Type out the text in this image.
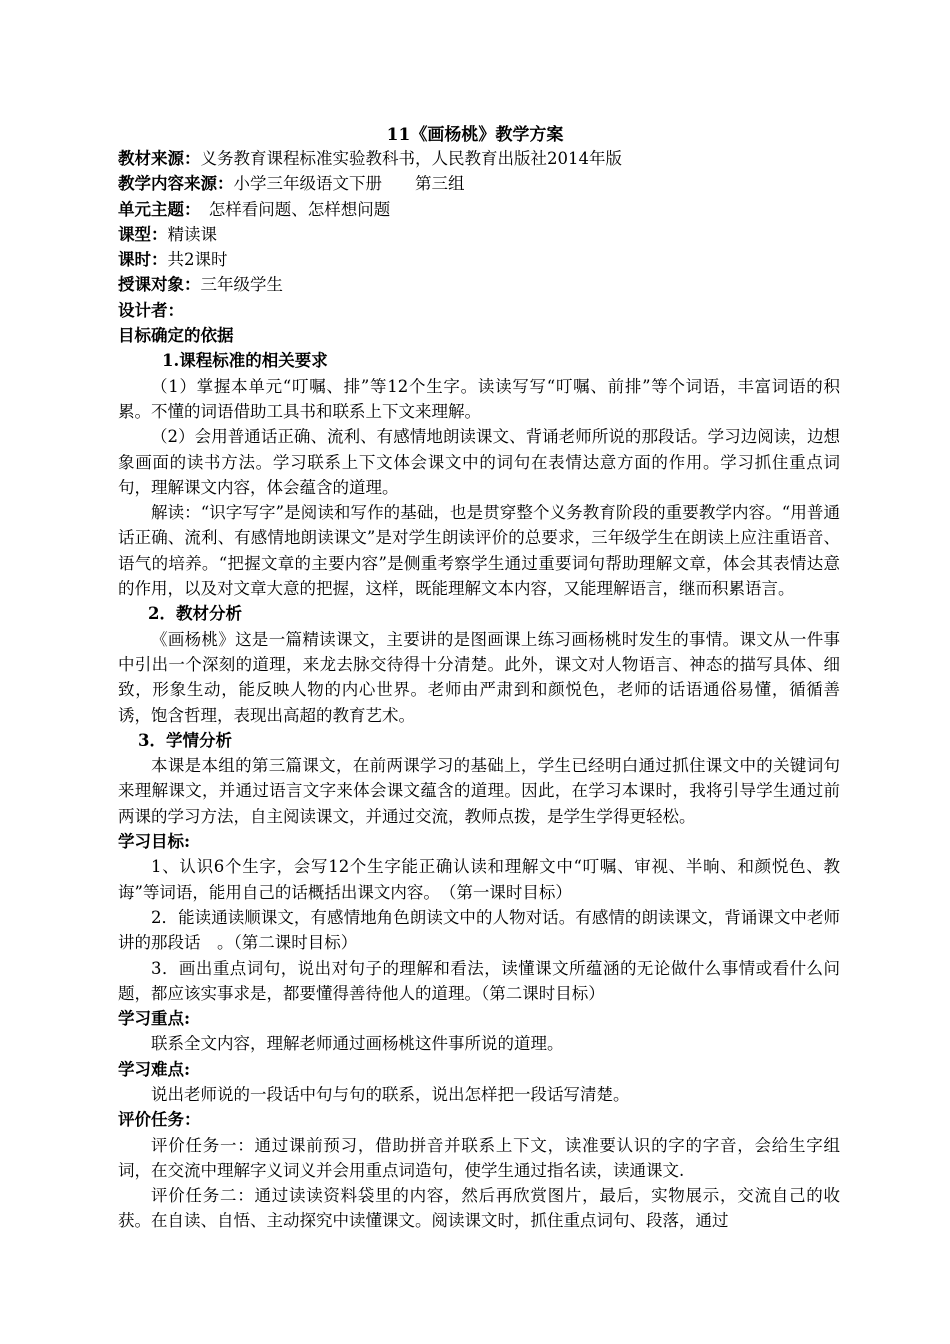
11《画杨桃》教学方案
教材来源：义务教育课程标准实验教科书，人民教育出版社2014年版
教学内容来源：小学三年级语文下册　　第三组
单元主题：　怎样看问题、怎样想问题
课型：精读课
课时：共2课时
授课对象：三年级学生
设计者：
目标确定的依据
1.课程标准的相关要求

（1）掌握本单元“叮嘱、排”等12个生字。读读写写“叮嘱、前排”等个词语，丰富词语的积累。不懂的词语借助工具书和联系上下文来理解。

（2）会用普通话正确、流利、有感情地朗读课文、背诵老师所说的那段话。学习边阅读，边想象画面的读书方法。学习联系上下文体会课文中的词句在表情达意方面的作用。学习抓住重点词句，理解课文内容，体会蕴含的道理。

解读：“识字写字”是阅读和写作的基础，也是贯穿整个义务教育阶段的重要教学内容。“用普通话正确、流利、有感情地朗读课文”是对学生朗读评价的总要求，三年级学生在朗读上应注重语音、语气的培养。“把握文章的主要内容”是侧重考察学生通过重要词句帮助理解文章，体会其表情达意的作用，以及对文章大意的把握，这样，既能理解文本内容，又能理解语言，继而积累语言。

2．教材分析

《画杨桃》这是一篇精读课文，主要讲的是图画课上练习画杨桃时发生的事情。课文从一件事中引出一个深刻的道理，来龙去脉交待得十分清楚。此外，课文对人物语言、神态的描写具体、细致，形象生动，能反映人物的内心世界。老师由严肃到和颜悦色，老师的话语通俗易懂，循循善诱，饱含哲理，表现出高超的教育艺术。

3．学情分析

本课是本组的第三篇课文，在前两课学习的基础上，学生已经明白通过抓住课文中的关键词句来理解课文，并通过语言文字来体会课文蕴含的道理。因此，在学习本课时，我将引导学生通过前两课的学习方法，自主阅读课文，并通过交流，教师点拨，是学生学得更轻松。

学习目标:

1、认识6个生字，会写12个生字能正确认读和理解文中“叮嘱、审视、半晌、和颜悦色、教诲”等词语，能用自己的话概括出课文内容。　（第一课时目标）

2．能读通读顺课文，有感情地角色朗读文中的人物对话。有感情的朗读课文，背诵课文中老师讲的那段话　。（第二课时目标）

3．画出重点词句，说出对句子的理解和看法，读懂课文所蕴涵的无论做什么事情或看什么问题，都应该实事求是，都要懂得善待他人的道理。（第二课时目标）

学习重点:

联系全文内容，理解老师通过画杨桃这件事所说的道理。

学习难点:

说出老师说的一段话中句与句的联系，说出怎样把一段话写清楚。

评价任务：

评价任务一：通过课前预习，借助拼音并联系上下文，读准要认识的字的字音，会给生字组词，在交流中理解字义词义并会用重点词造句，使学生通过指名读，读通课文.

评价任务二：通过读读资料袋里的内容，然后再欣赏图片，最后，实物展示，交流自己的收获。在自读、自悟、主动探究中读懂课文。阅读课文时，抓住重点词句、段落，通过
